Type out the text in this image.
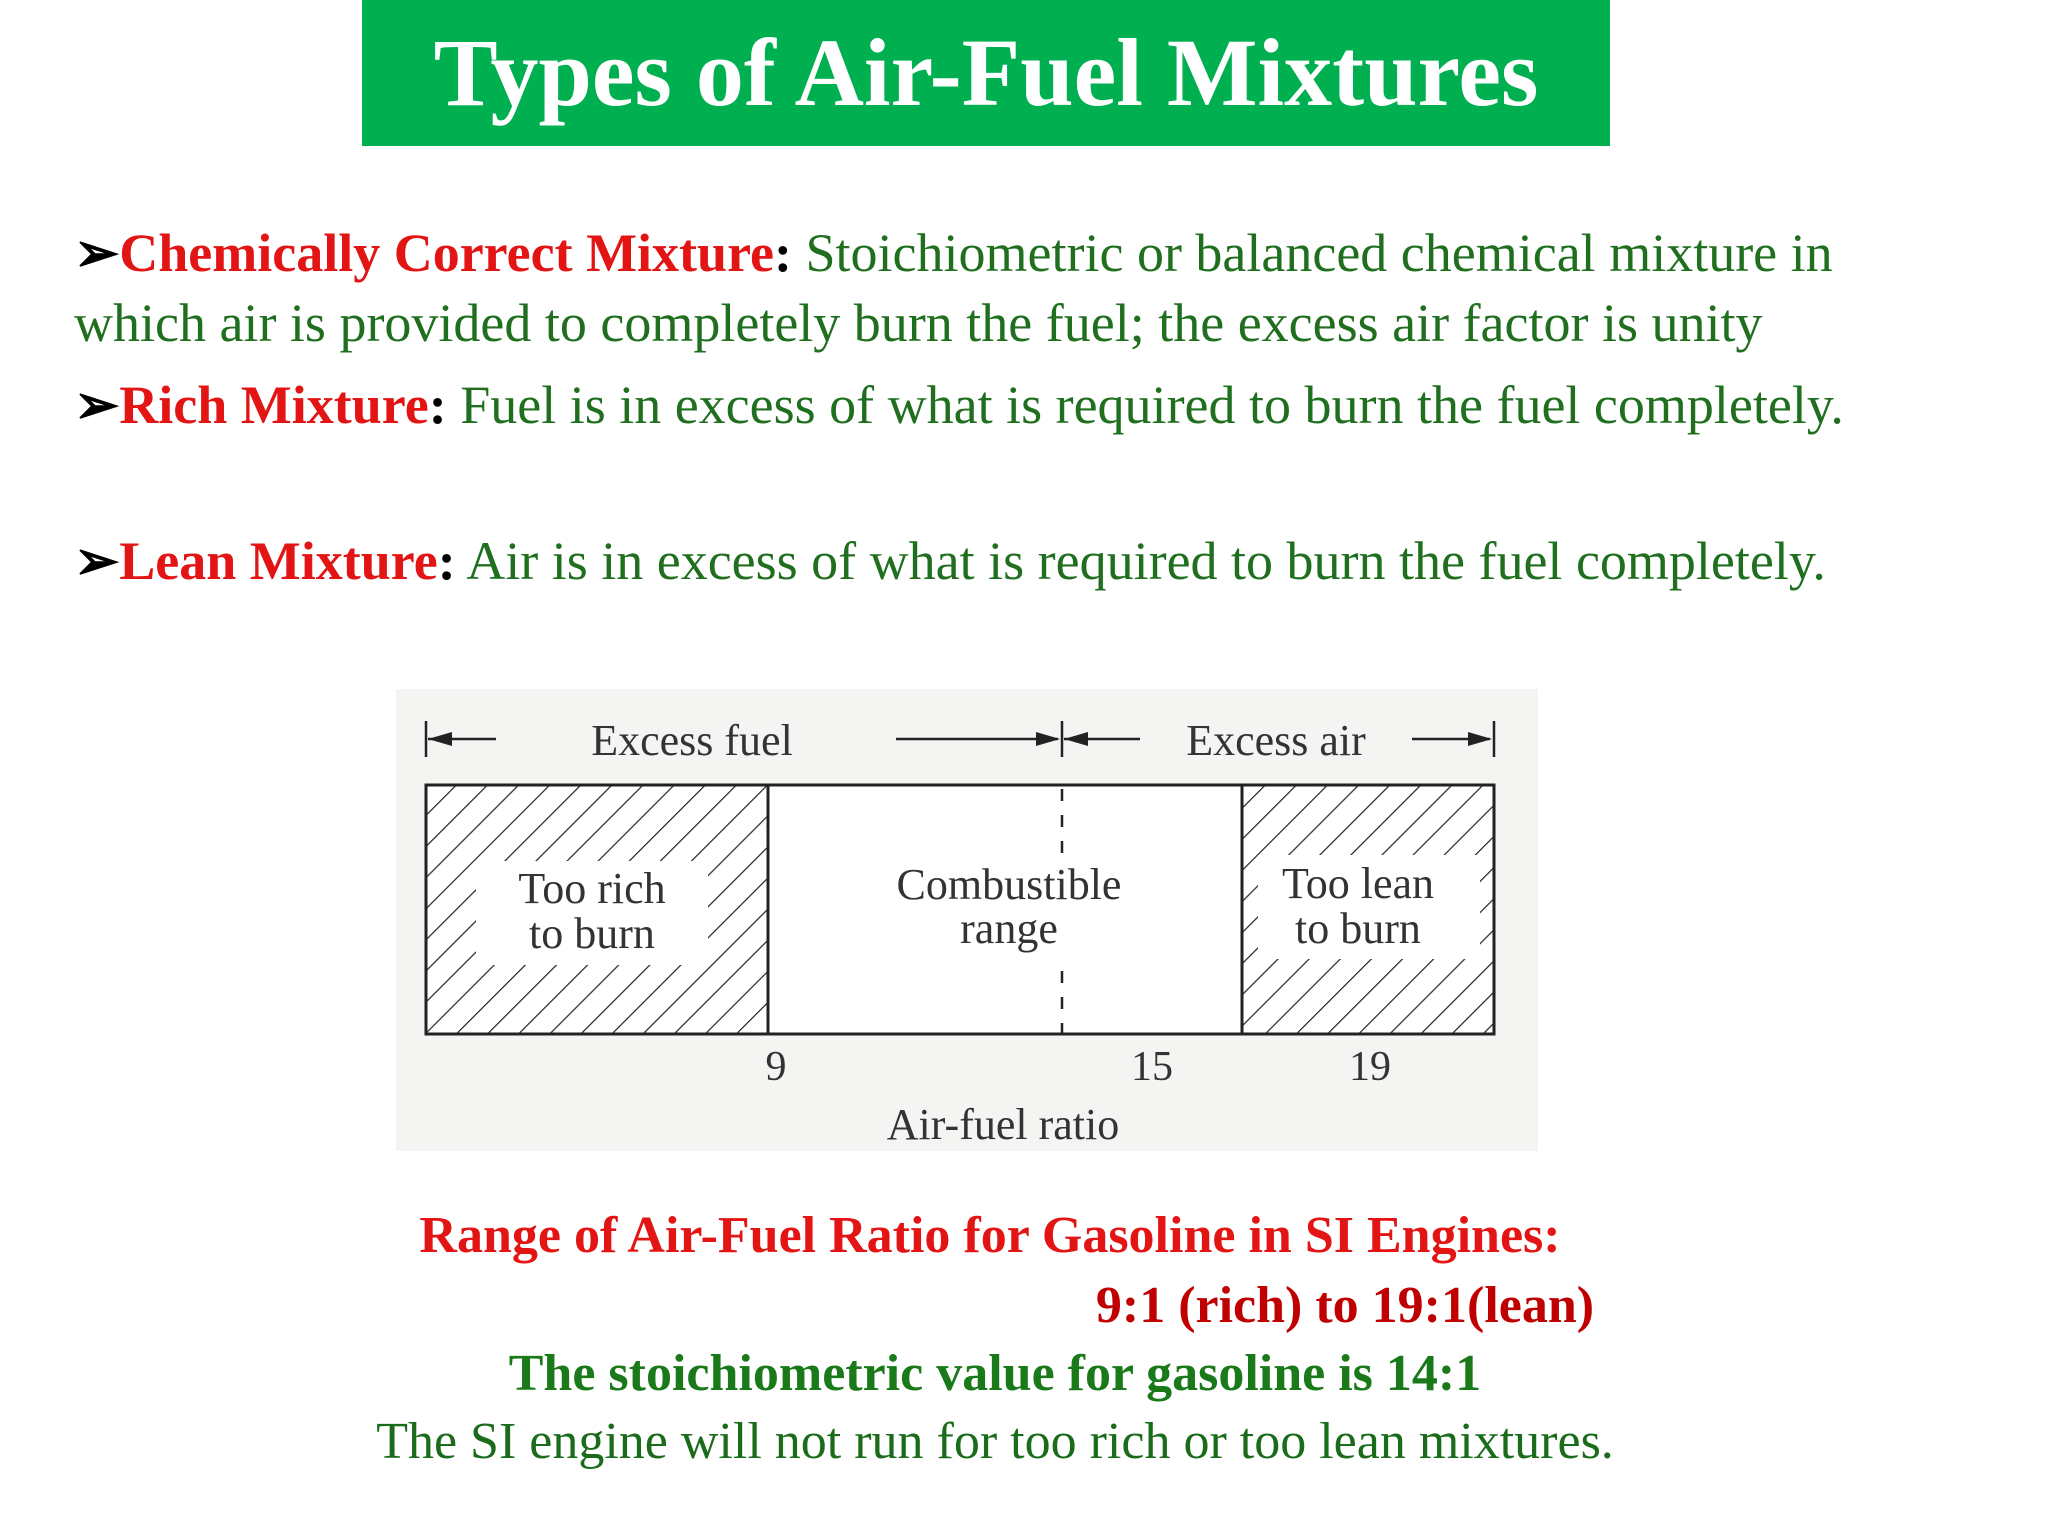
Types of Air-Fuel Mixtures
➢Chemically Correct Mixture: Stoichiometric or balanced chemical mixture in which air is provided to completely burn the fuel; the excess air factor is unity
➢Rich Mixture: Fuel is in excess of what is required to burn the fuel completely.
➢Lean Mixture: Air is in excess of what is required to burn the fuel completely.
Excess fuel	Excess air
Too rich
to burn
Combustible
range
Too lean
to burn
9	15	19
Air-fuel ratio
Range of Air-Fuel Ratio for Gasoline in SI Engines:
9:1 (rich) to 19:1(lean)
The stoichiometric value for gasoline is 14:1
The SI engine will not run for too rich or too lean mixtures.
